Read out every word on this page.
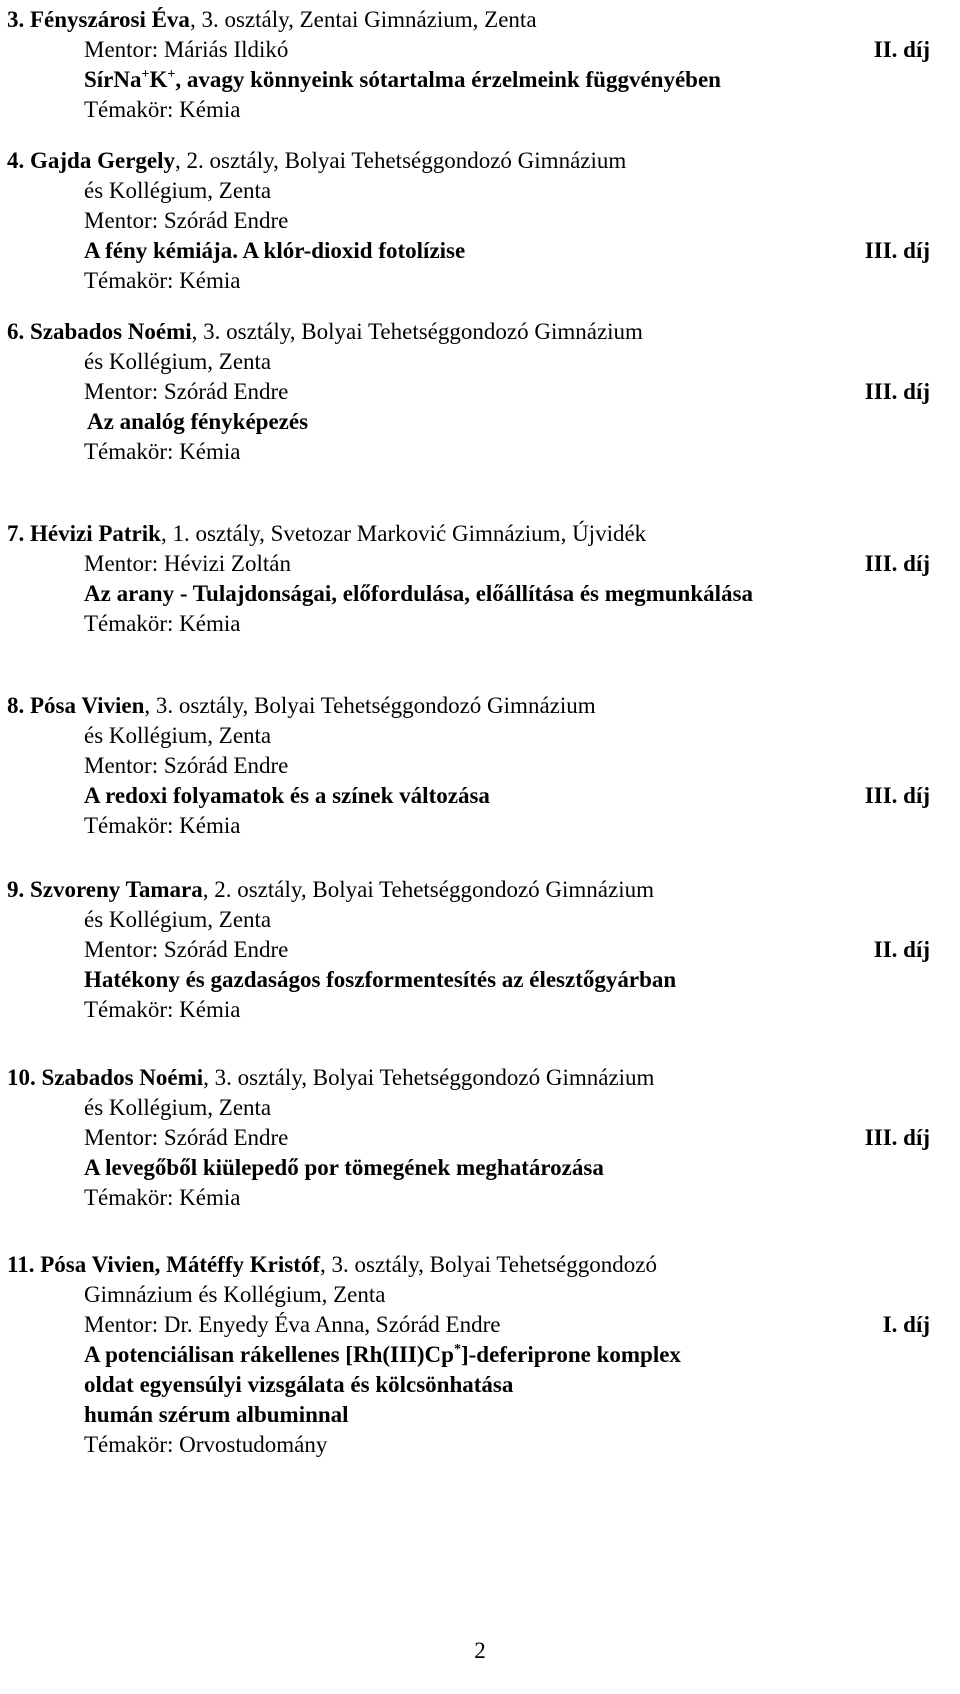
3. Fényszárosi Éva, 3. osztály, Zentai Gimnázium, Zenta
Mentor: Máriás Ildikó	II. díj
SírNa+K+, avagy könnyeink sótartalma érzelmeink függvényében
Témakör: Kémia
4. Gajda Gergely, 2. osztály, Bolyai Tehetséggondozó Gimnázium
és Kollégium, Zenta
Mentor: Szórád Endre
A fény kémiája. A klór-dioxid fotolízise	III. díj
Témakör: Kémia
6. Szabados Noémi, 3. osztály, Bolyai Tehetséggondozó Gimnázium
és Kollégium, Zenta
Mentor: Szórád Endre	III. díj
Az analóg fényképezés
Témakör: Kémia
7. Hévizi Patrik, 1. osztály, Svetozar Marković Gimnázium, Újvidék
Mentor: Hévizi Zoltán	III. díj
Az arany - Tulajdonságai, előfordulása, előállítása és megmunkálása
Témakör: Kémia
8. Pósa Vivien, 3. osztály, Bolyai Tehetséggondozó Gimnázium
és Kollégium, Zenta
Mentor: Szórád Endre
A redoxi folyamatok és a színek változása	III. díj
Témakör: Kémia
9. Szvoreny Tamara, 2. osztály, Bolyai Tehetséggondozó Gimnázium
és Kollégium, Zenta
Mentor: Szórád Endre	II. díj
Hatékony és gazdaságos foszformentesítés az élesztőgyárban
Témakör: Kémia
10. Szabados Noémi, 3. osztály, Bolyai Tehetséggondozó Gimnázium
és Kollégium, Zenta
Mentor: Szórád Endre	III. díj
A levegőből kiülepedő por tömegének meghatározása
Témakör: Kémia
11. Pósa Vivien, Mátéffy Kristóf, 3. osztály, Bolyai Tehetséggondozó
Gimnázium és Kollégium, Zenta
Mentor: Dr. Enyedy Éva Anna, Szórád Endre	I. díj
A potenciálisan rákellenes [Rh(III)Cp*]-deferiprone komplex
oldat egyensúlyi vizsgálata és kölcsönhatása
humán szérum albuminnal
Témakör: Orvostudomány
2
